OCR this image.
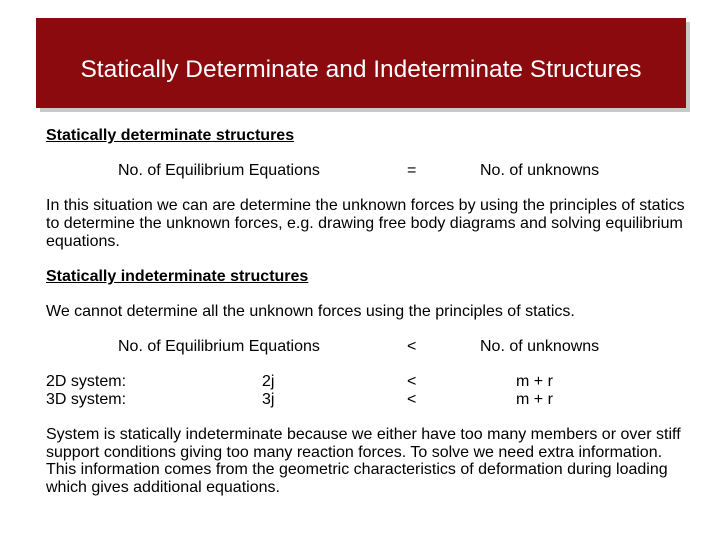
Statically Determinate and Indeterminate Structures

Statically determinate structures

No. of Equilibrium Equations	=	No. of unknowns

In this situation we can are determine the unknown forces by using the principles of statics to determine the unknown forces, e.g. drawing free body diagrams and solving equilibrium equations.

Statically indeterminate structures

We cannot determine all the unknown forces using the principles of statics.

No. of Equilibrium Equations	<	No. of unknowns
2D system:	2j	<	m + r
3D system:	3j	<	m + r

System is statically indeterminate because we either have too many members or over stiff support conditions giving too many reaction forces. To solve we need extra information. This information comes from the geometric characteristics of deformation during loading which gives additional equations.
